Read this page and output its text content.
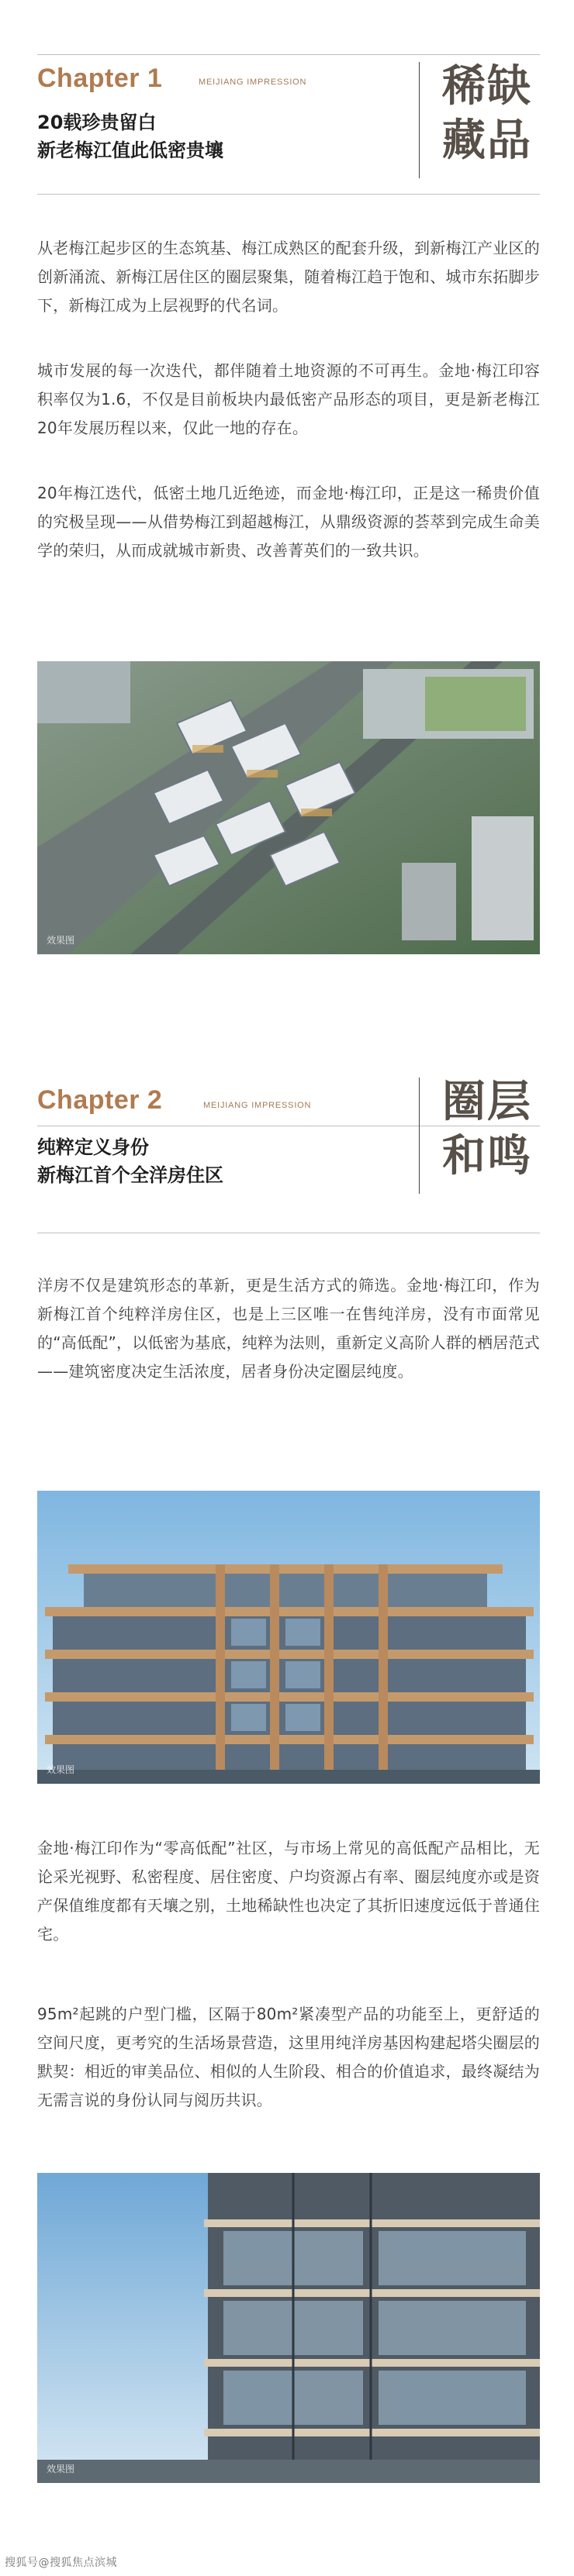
Chapter 1	MEIJIANG IMPRESSION
20载珍贵留白
新老梅江值此低密贵壤
稀缺
藏品
从老梅江起步区的生态筑基、梅江成熟区的配套升级，到新梅江产业区的创新涌流、新梅江居住区的圈层聚集，随着梅江趋于饱和、城市东拓脚步下，新梅江成为上层视野的代名词。
城市发展的每一次迭代，都伴随着土地资源的不可再生。金地·梅江印容积率仅为1.6，不仅是目前板块内最低密产品形态的项目，更是新老梅江20年发展历程以来，仅此一地的存在。
20年梅江迭代，低密土地几近绝迹，而金地·梅江印，正是这一稀贵价值的究极呈现——从借势梅江到超越梅江，从鼎级资源的荟萃到完成生命美学的荣归，从而成就城市新贵、改善菁英们的一致共识。
效果图
Chapter 2	MEIJIANG IMPRESSION
纯粹定义身份
新梅江首个全洋房住区
圈层
和鸣
洋房不仅是建筑形态的革新，更是生活方式的筛选。金地·梅江印，作为新梅江首个纯粹洋房住区，也是上三区唯一在售纯洋房，没有市面常见的“高低配”，以低密为基底，纯粹为法则，重新定义高阶人群的栖居范式——建筑密度决定生活浓度，居者身份决定圈层纯度。
效果图
金地·梅江印作为“零高低配”社区，与市场上常见的高低配产品相比，无论采光视野、私密程度、居住密度、户均资源占有率、圈层纯度亦或是资产保值维度都有天壤之别，土地稀缺性也决定了其折旧速度远低于普通住宅。
95m²起跳的户型门槛，区隔于80m²紧凑型产品的功能至上，更舒适的空间尺度，更考究的生活场景营造，这里用纯洋房基因构建起塔尖圈层的默契：相近的审美品位、相似的人生阶段、相合的价值追求，最终凝结为无需言说的身份认同与阅历共识。
效果图
搜狐号@搜狐焦点滨城
